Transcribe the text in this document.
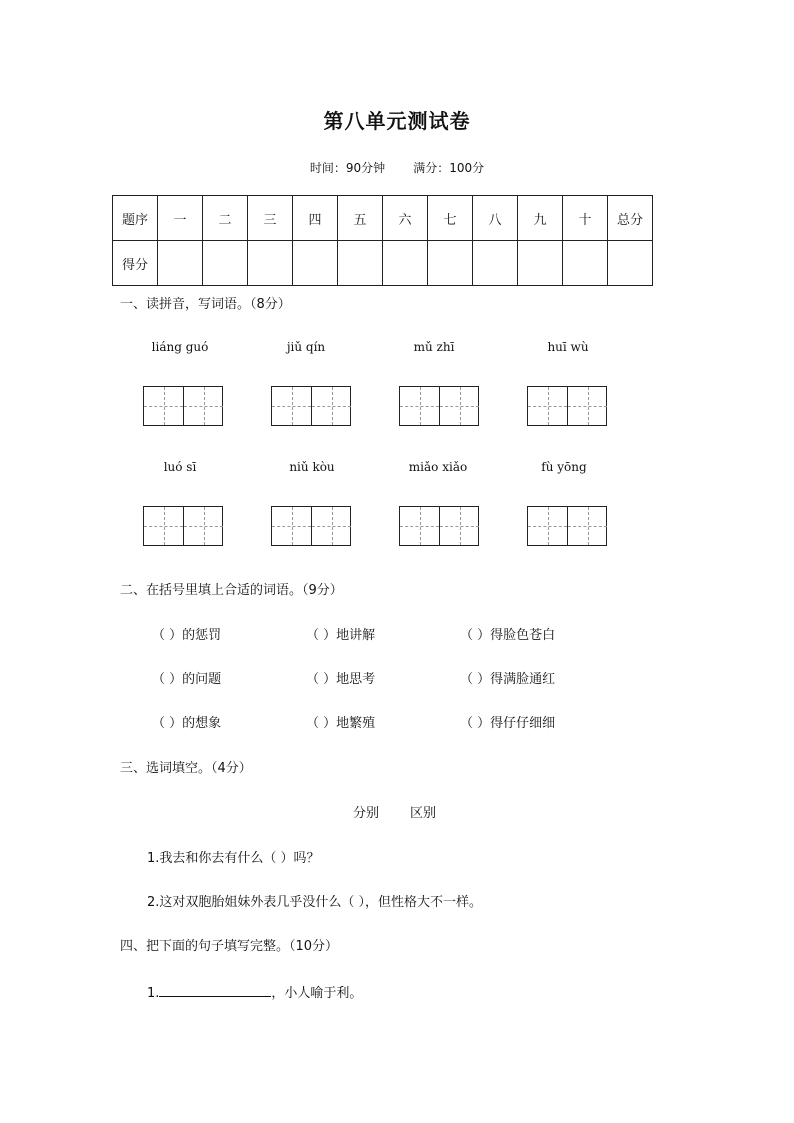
第八单元测试卷
时间：90分钟 满分：100分
题序	一	二	三	四	五	六	七	八	九	十	总分
得分											
一、读拼音，写词语。（8分）
liáng guó	jiǔ qín	mǔ zhī	huī wù
luó sī	niǔ kòu	miǎo xiǎo	fù yōng
二、在括号里填上合适的词语。（9分）
（ ）的惩罚	（ ）地讲解	（ ）得脸色苍白
（ ）的问题	（ ）地思考	（ ）得满脸通红
（ ）的想象	（ ）地繁殖	（ ）得仔仔细细
三、选词填空。（4分）
分别 区别
1.我去和你去有什么（ ）吗？
2.这对双胞胎姐妹外表几乎没什么（ ），但性格大不一样。
四、把下面的句子填写完整。（10分）
1.	，小人喻于利。
